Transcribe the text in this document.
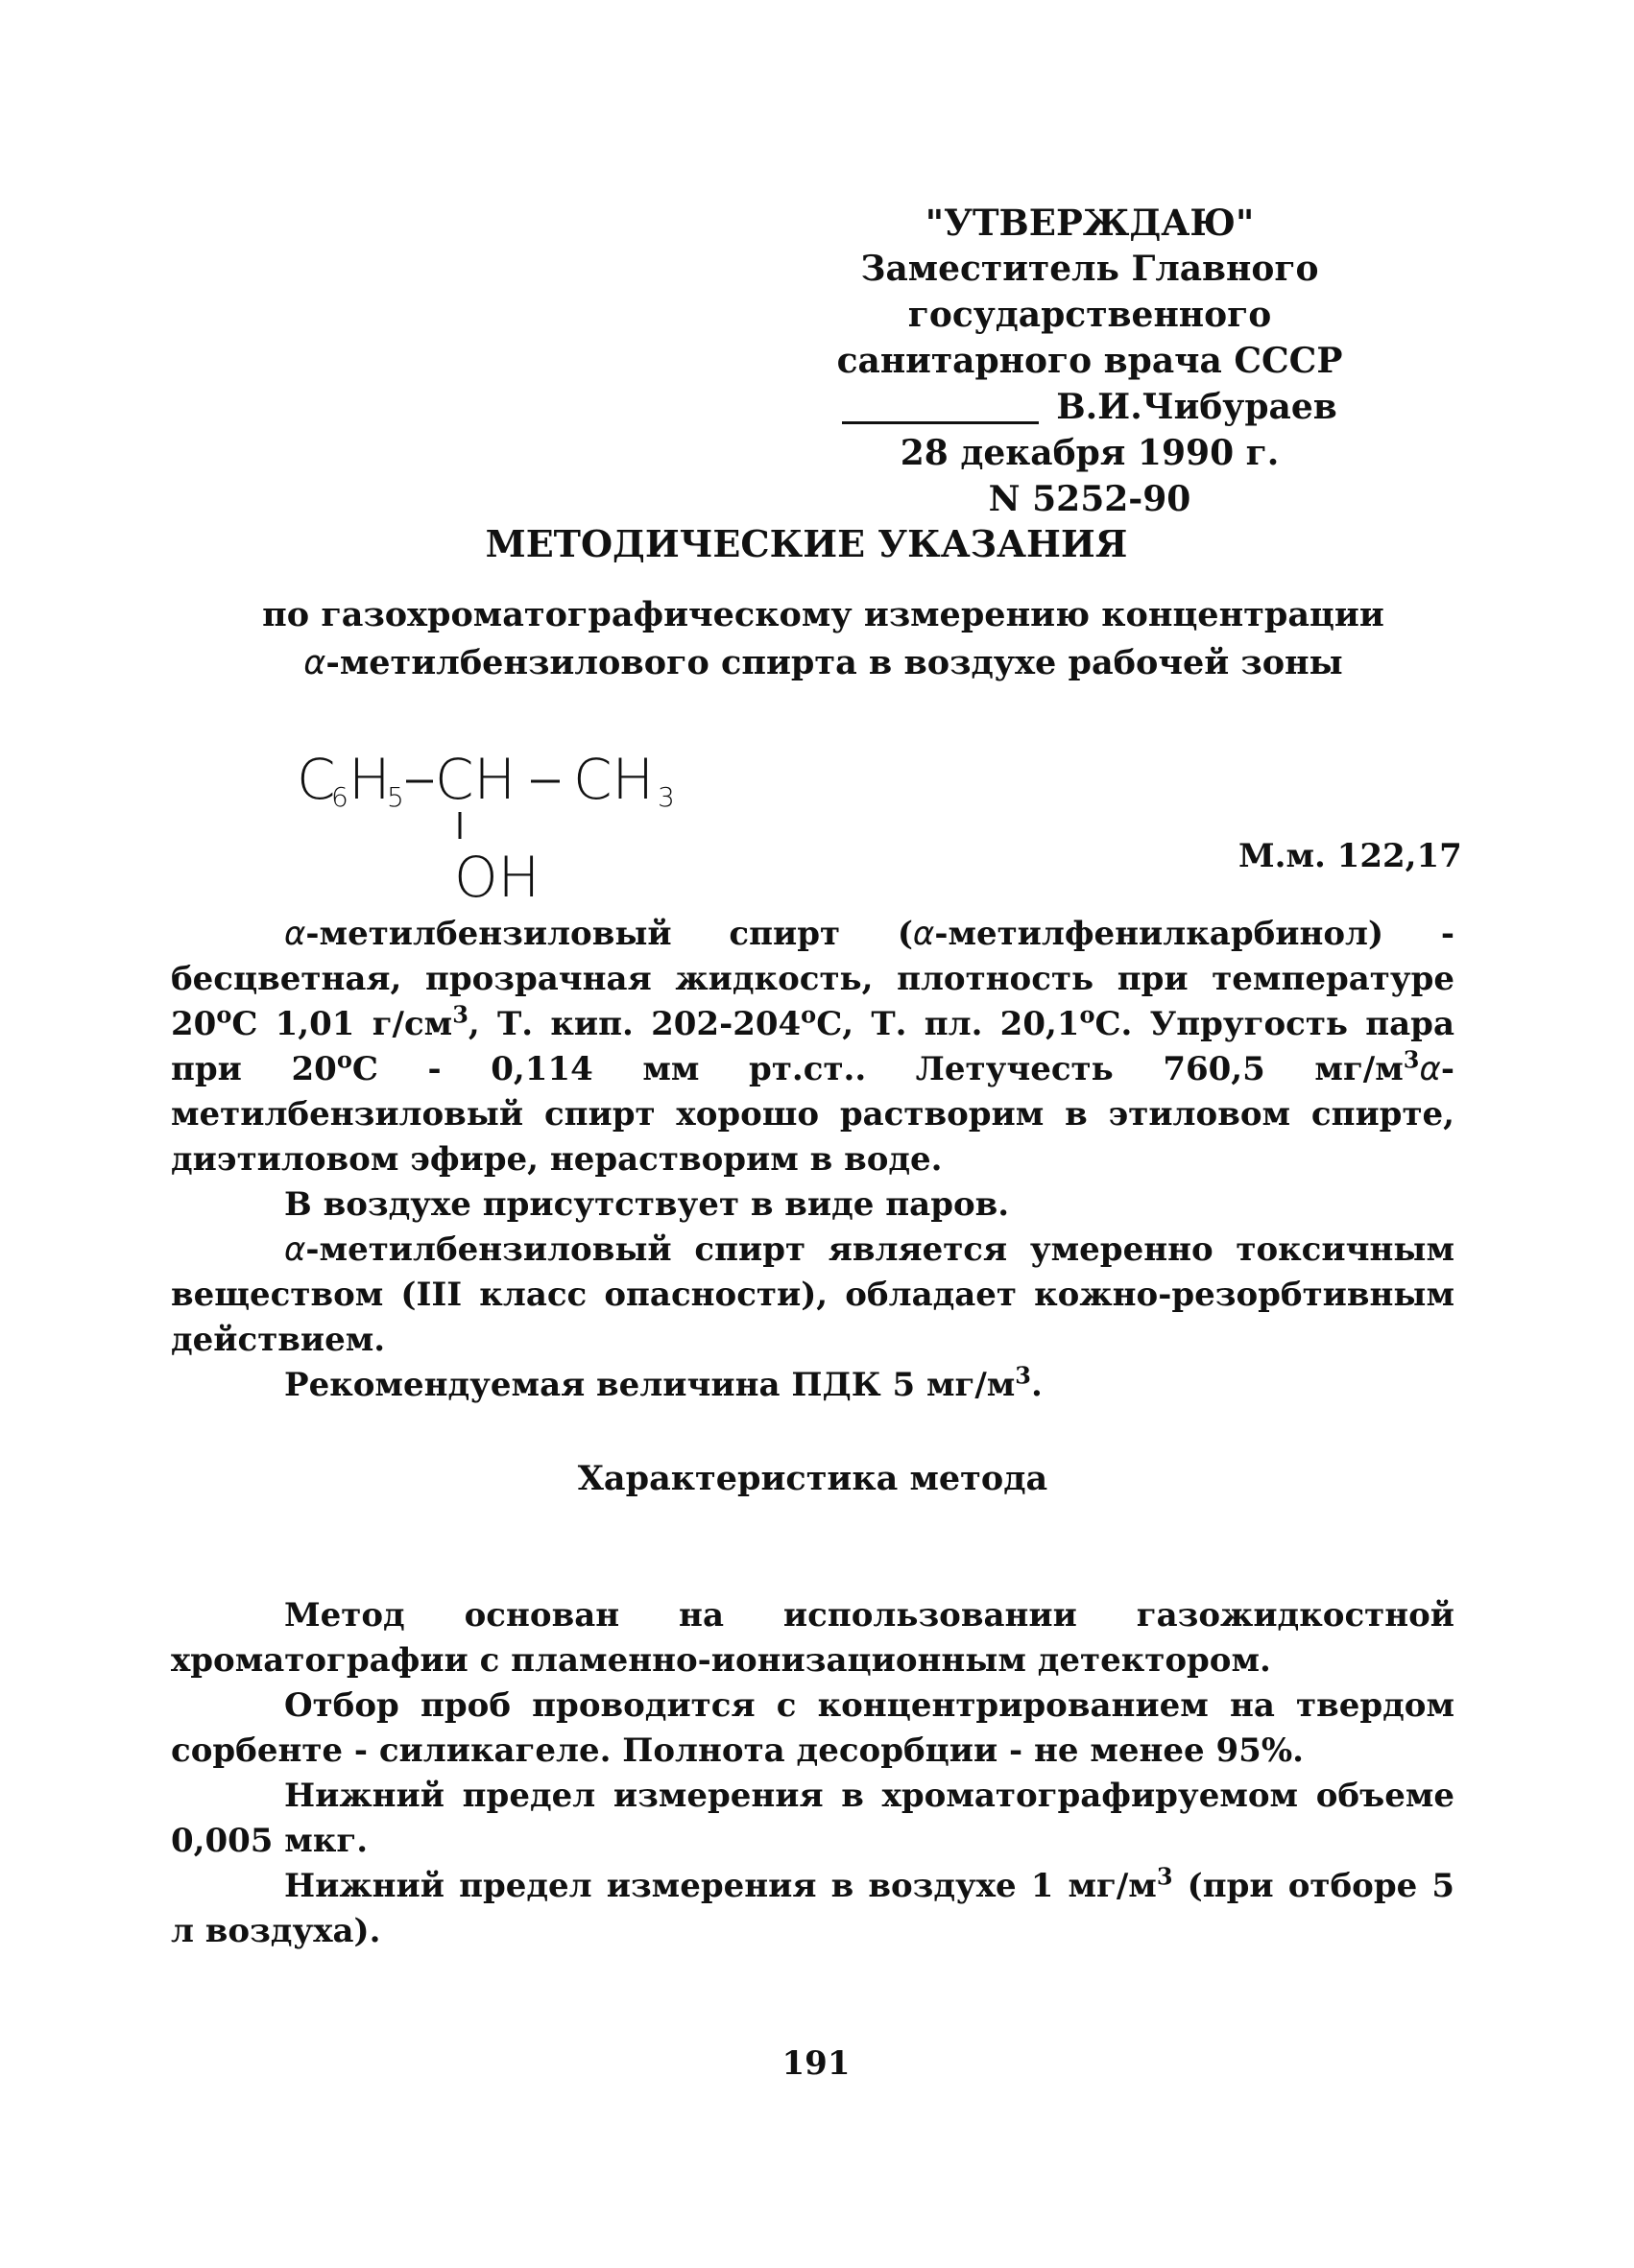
"УТВЕРЖДАЮ"
Заместитель Главного государственного
санитарного врача СССР
В.И.Чибураев
28 декабря 1990 г.
N 5252-90
МЕТОДИЧЕСКИЕ УКАЗАНИЯ
по газохроматографическому измерению концентрации
α-метилбензилового спирта в воздухе рабочей зоны
C
6 H
5 CH CH 3
OH	М.м. 122,17

α-метилбензиловый спирт (α-метилфенилкарбинол) - бесцветная, прозрачная жидкость, плотность при температуре $20^оС$ 1,01 $г/см^3$, Т. кип. $202-204^оС$, Т. пл. $20,1^оС$. Упругость пара при $20^оС - 0,114$ мм рт.ст.. Летучесть 760,5 $мг/м^3\alpha$-метилбензиловый спирт хорошо растворим в этиловом спирте, диэтиловом эфире, нерастворим в воде.

В воздухе присутствует в виде паров.

α-метилбензиловый спирт является умеренно токсичным веществом (III класс опасности), обладает кожно-резорбтивным действием.

Рекомендуемая величина ПДК 5 $мг/м^3$.

Характеристика метода

Метод основан на использовании газожидкостной хроматографии с пламенно-ионизационным детектором.

Отбор проб проводится с концентрированием на твердом сорбенте - силикагеле. Полнота десорбции - не менее 95%.

Нижний предел измерения в хроматографируемом объеме 0,005 мкг.

Нижний предел измерения в воздухе 1 $мг/м^3$ (при отборе 5 л воздуха).

191
